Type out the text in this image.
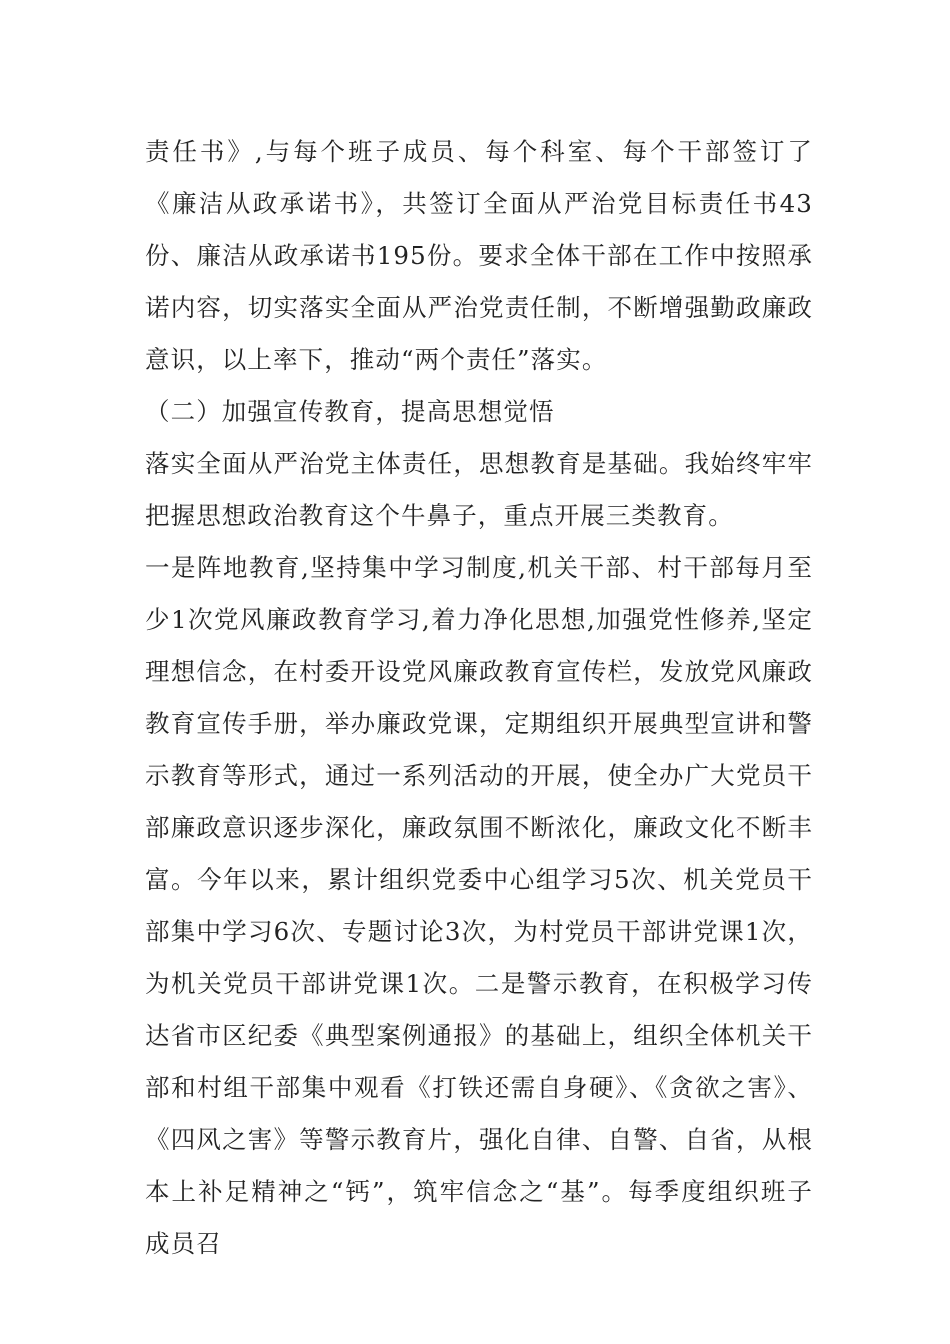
责任书》,与每个班子成员、每个科室、每个干部签订了《廉洁从政承诺书》，共签订全面从严治党目标责任书43份、廉洁从政承诺书195份。要求全体干部在工作中按照承诺内容，切实落实全面从严治党责任制，不断增强勤政廉政意识，以上率下，推动“两个责任”落实。

（二）加强宣传教育，提高思想觉悟

落实全面从严治党主体责任，思想教育是基础。我始终牢牢把握思想政治教育这个牛鼻子，重点开展三类教育。

一是阵地教育,坚持集中学习制度,机关干部、村干部每月至少1次党风廉政教育学习,着力净化思想,加强党性修养,坚定理想信念，在村委开设党风廉政教育宣传栏，发放党风廉政教育宣传手册，举办廉政党课，定期组织开展典型宣讲和警示教育等形式，通过一系列活动的开展，使全办广大党员干部廉政意识逐步深化，廉政氛围不断浓化，廉政文化不断丰富。今年以来，累计组织党委中心组学习5次、机关党员干部集中学习6次、专题讨论3次，为村党员干部讲党课1次，为机关党员干部讲党课1次。二是警示教育，在积极学习传达省市区纪委《典型案例通报》的基础上，组织全体机关干部和村组干部集中观看《打铁还需自身硬》、《贪欲之害》、《四风之害》等警示教育片，强化自律、自警、自省，从根本上补足精神之“钙”，筑牢信念之“基”。每季度组织班子成员召
